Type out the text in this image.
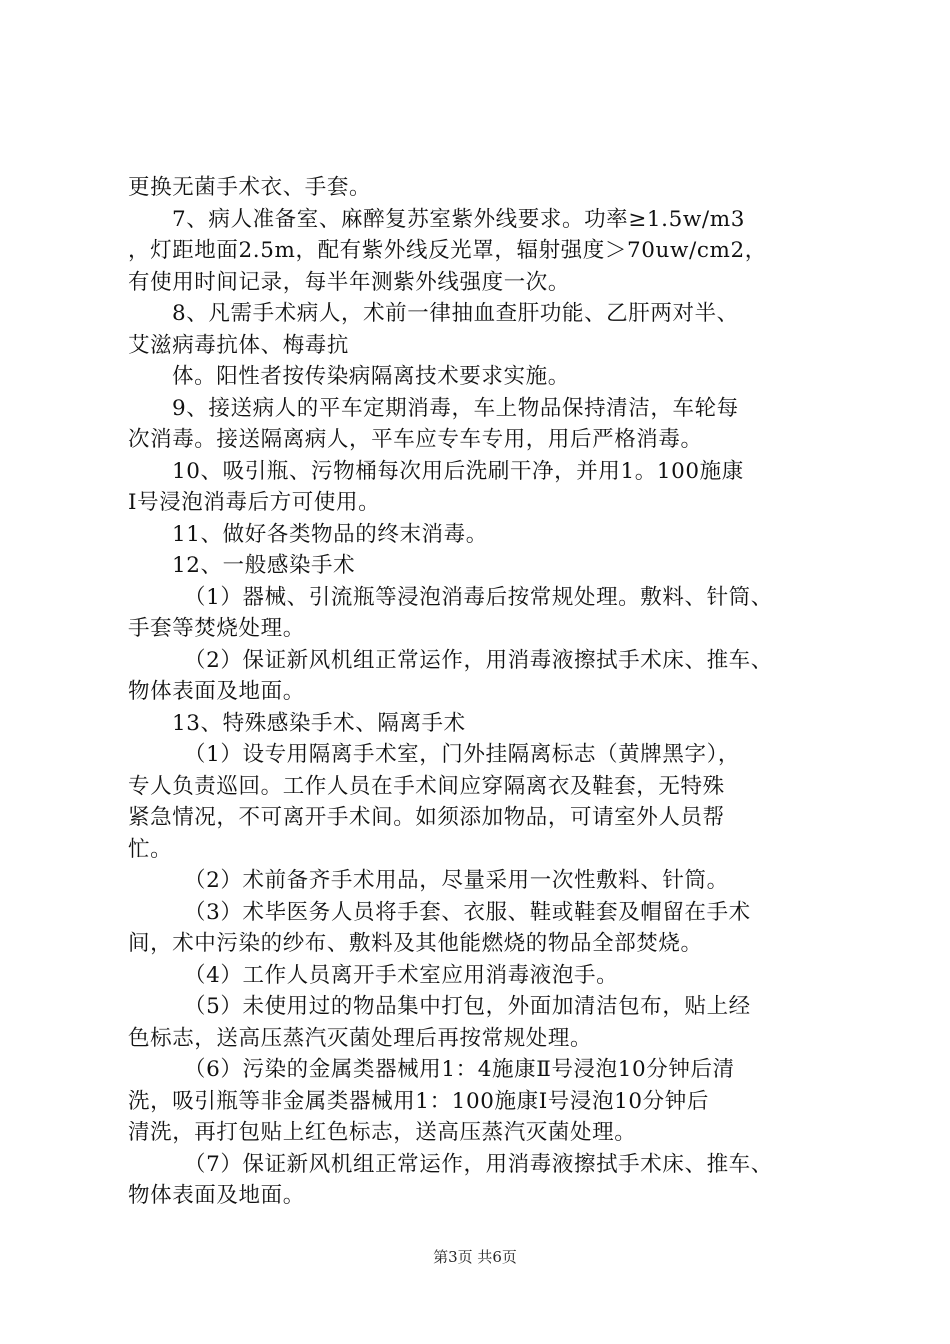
更换无菌手术衣、手套。
7、病人准备室、麻醉复苏室紫外线要求。功率≥1.5w/m3
，灯距地面2.5m，配有紫外线反光罩，辐射强度＞70uw/cm2，
有使用时间记录，每半年测紫外线强度一次。
8、凡需手术病人，术前一律抽血查肝功能、乙肝两对半、
艾滋病毒抗体、梅毒抗
体。阳性者按传染病隔离技术要求实施。
9、接送病人的平车定期消毒，车上物品保持清洁，车轮每
次消毒。接送隔离病人，平车应专车专用，用后严格消毒。
10、吸引瓶、污物桶每次用后洗刷干净，并用1。100施康
Ⅰ号浸泡消毒后方可使用。
11、做好各类物品的终末消毒。
12、一般感染手术
（1）器械、引流瓶等浸泡消毒后按常规处理。敷料、针筒、
手套等焚烧处理。
（2）保证新风机组正常运作，用消毒液擦拭手术床、推车、
物体表面及地面。
13、特殊感染手术、隔离手术
（1）设专用隔离手术室，门外挂隔离标志（黄牌黑字），
专人负责巡回。工作人员在手术间应穿隔离衣及鞋套，无特殊
紧急情况，不可离开手术间。如须添加物品，可请室外人员帮
忙。
（2）术前备齐手术用品，尽量采用一次性敷料、针筒。
（3）术毕医务人员将手套、衣服、鞋或鞋套及帽留在手术
间，术中污染的纱布、敷料及其他能燃烧的物品全部焚烧。
（4）工作人员离开手术室应用消毒液泡手。
（5）未使用过的物品集中打包，外面加清洁包布，贴上经
色标志，送高压蒸汽灭菌处理后再按常规处理。
（6）污染的金属类器械用1：4施康Ⅱ号浸泡10分钟后清
洗，吸引瓶等非金属类器械用1：100施康Ⅰ号浸泡10分钟后
清洗，再打包贴上红色标志，送高压蒸汽灭菌处理。
（7）保证新风机组正常运作，用消毒液擦拭手术床、推车、
物体表面及地面。
第3页 共6页
